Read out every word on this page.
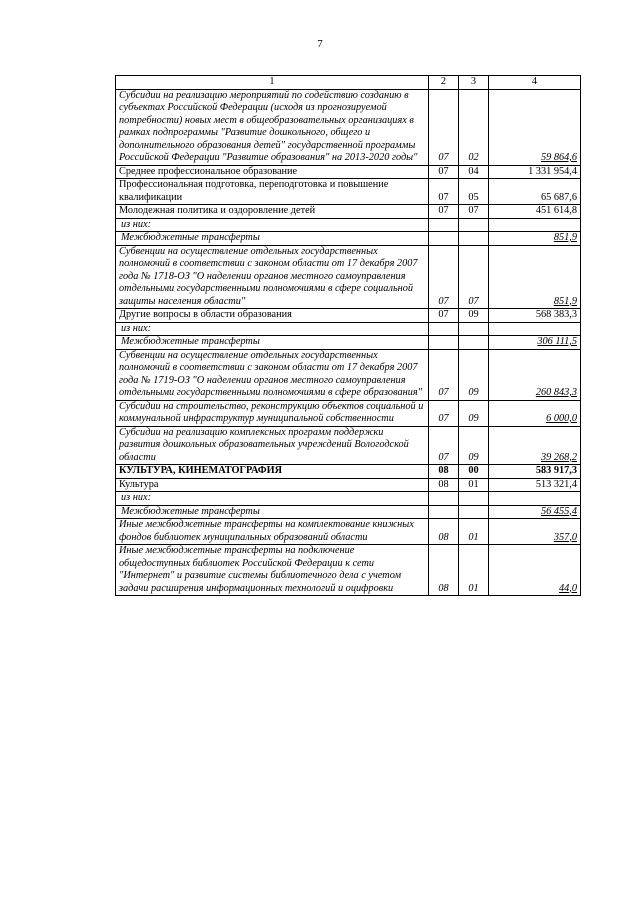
7
1	2	3	4
Субсидии на реализацию мероприятий по содействию созданию в субъектах Российской Федерации (исходя из прогнозируемой потребности) новых мест в общеобразовательных организациях в рамках подпрограммы "Развитие дошкольного, общего и дополнительного образования детей" государственной программы Российской Федерации "Развитие образования" на 2013-2020 годы"	07	02	59 864,6
Среднее профессиональное образование	07	04	1 331 954,4
Профессиональная подготовка, переподготовка и повышение квалификации	07	05	65 687,6
Молодежная политика и оздоровление детей	07	07	451 614,8
из них:			
Межбюджетные трансферты			851,9
Субвенции на осуществление отдельных государственных полномочий в соответствии с законом области от 17 декабря 2007 года № 1718-ОЗ "О наделении органов местного самоуправления отдельными государственными полномочиями в сфере социальной защиты населения области"	07	07	851,9
Другие вопросы в области образования	07	09	568 383,3
из них:			
Межбюджетные трансферты			306 111,5
Субвенции на осуществление отдельных государственных полномочий в соответствии с законом области от 17 декабря 2007 года № 1719-ОЗ "О наделении органов местного самоуправления отдельными государственными полномочиями в сфере образования"	07	09	260 843,3
Субсидии на строительство, реконструкцию объектов социальной и коммунальной инфраструктур муниципальной собственности	07	09	6 000,0
Субсидии на реализацию комплексных программ поддержки развития дошкольных образовательных учреждений Вологодской области	07	09	39 268,2
КУЛЬТУРА, КИНЕМАТОГРАФИЯ	08	00	583 917,3
Культура	08	01	513 321,4
из них:			
Межбюджетные трансферты			56 455,4
Иные межбюджетные трансферты на комплектование книжных фондов библиотек муниципальных образований области	08	01	357,0
Иные межбюджетные трансферты на подключение общедоступных библиотек Российской Федерации к сети "Интернет" и развитие системы библиотечного дела с учетом задачи расширения информационных технологий и оцифровки	08	01	44,0
